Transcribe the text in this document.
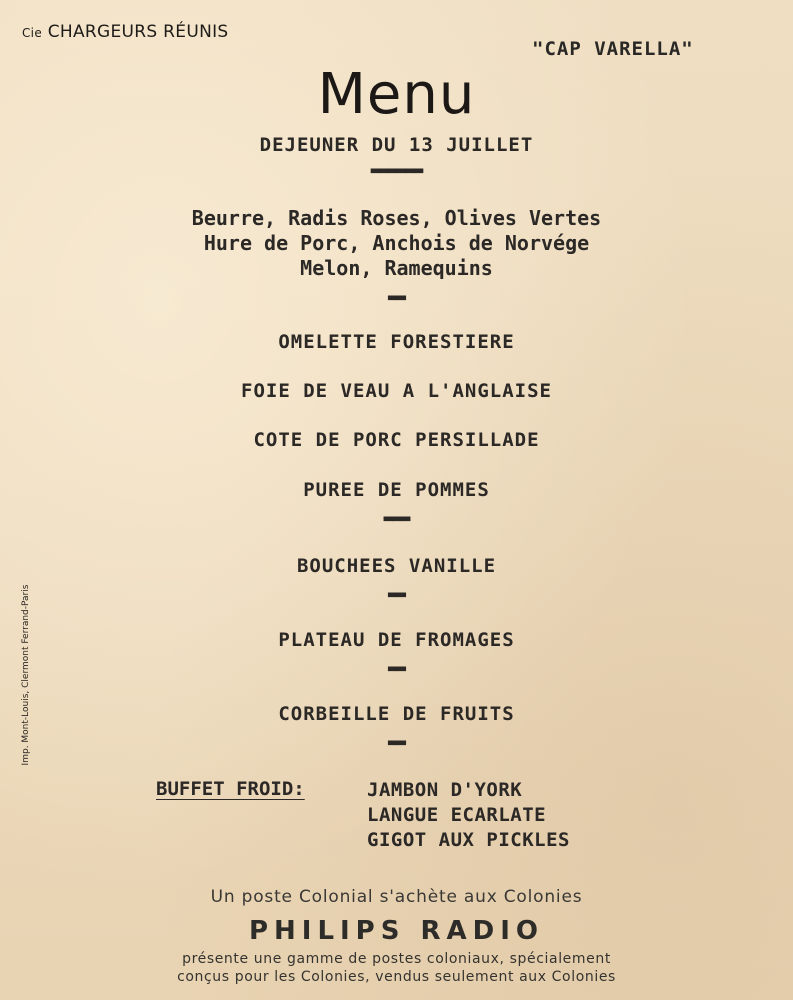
Cie CHARGEURS RÉUNIS
"CAP VARELLA"
Menu
DEJEUNER DU 13 JUILLET
▬▬▬▬▬▬
Beurre, Radis Roses, Olives Vertes
Hure de Porc, Anchois de Norvége
Melon, Ramequins
▬▬
OMELETTE FORESTIERE
FOIE DE VEAU A L'ANGLAISE
COTE DE PORC PERSILLADE
PUREE DE POMMES
▬▬▬
BOUCHEES VANILLE
▬▬
PLATEAU DE FROMAGES
▬▬
CORBEILLE DE FRUITS
▬▬
BUFFET FROID:	JAMBON D'YORK
LANGUE ECARLATE
GIGOT AUX PICKLES
Imp. Mont-Louis, Clermont Ferrand-Paris
Un poste Colonial s'achète aux Colonies
PHILIPS RADIO
présente une gamme de postes coloniaux, spécialement
conçus pour les Colonies, vendus seulement aux Colonies
